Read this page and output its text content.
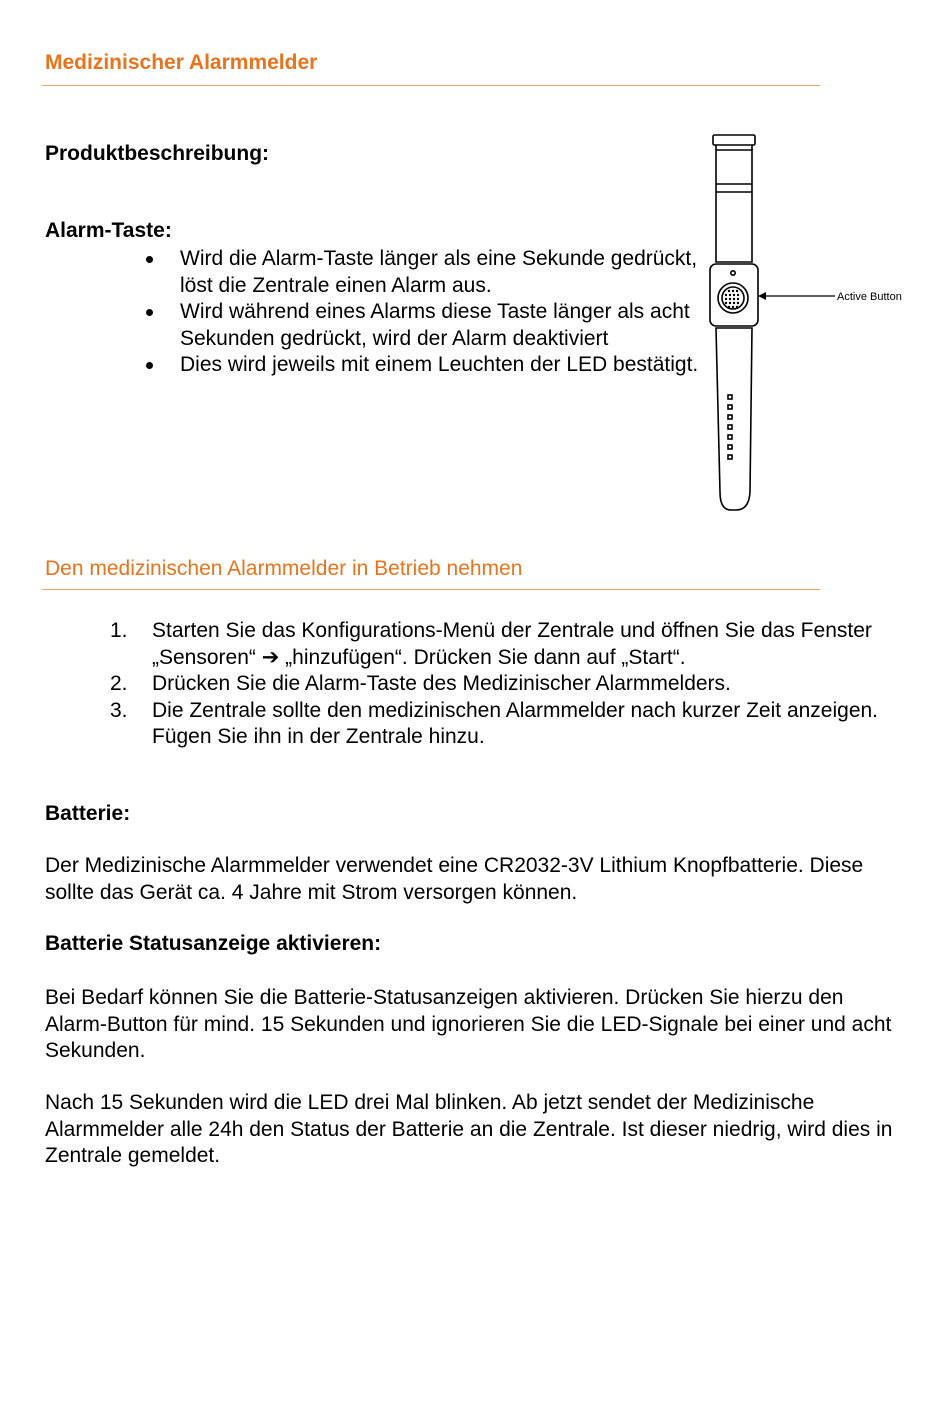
Medizinischer Alarmmelder
Produktbeschreibung:
Alarm-Taste:
Wird die Alarm-Taste länger als eine Sekunde gedrückt, löst die Zentrale einen Alarm aus.
Wird während eines Alarms diese Taste länger als acht Sekunden gedrückt, wird der Alarm deaktiviert
Dies wird jeweils mit einem Leuchten der LED bestätigt.
Active Button
Den medizinischen Alarmmelder in Betrieb nehmen
1. Starten Sie das Konfigurations-Menü der Zentrale und öffnen Sie das Fenster „Sensoren“ ➔ „hinzufügen“. Drücken Sie dann auf „Start“.
2. Drücken Sie die Alarm-Taste des Medizinischer Alarmmelders.
3. Die Zentrale sollte den medizinischen Alarmmelder nach kurzer Zeit anzeigen. Fügen Sie ihn in der Zentrale hinzu.
Batterie:

Der Medizinische Alarmmelder verwendet eine CR2032-3V Lithium Knopfbatterie. Diese sollte das Gerät ca. 4 Jahre mit Strom versorgen können.

Batterie Statusanzeige aktivieren:

Bei Bedarf können Sie die Batterie-Statusanzeigen aktivieren. Drücken Sie hierzu den Alarm-Button für mind. 15 Sekunden und ignorieren Sie die LED-Signale bei einer und acht Sekunden.

Nach 15 Sekunden wird die LED drei Mal blinken. Ab jetzt sendet der Medizinische Alarmmelder alle 24h den Status der Batterie an die Zentrale. Ist dieser niedrig, wird dies in Zentrale gemeldet.
